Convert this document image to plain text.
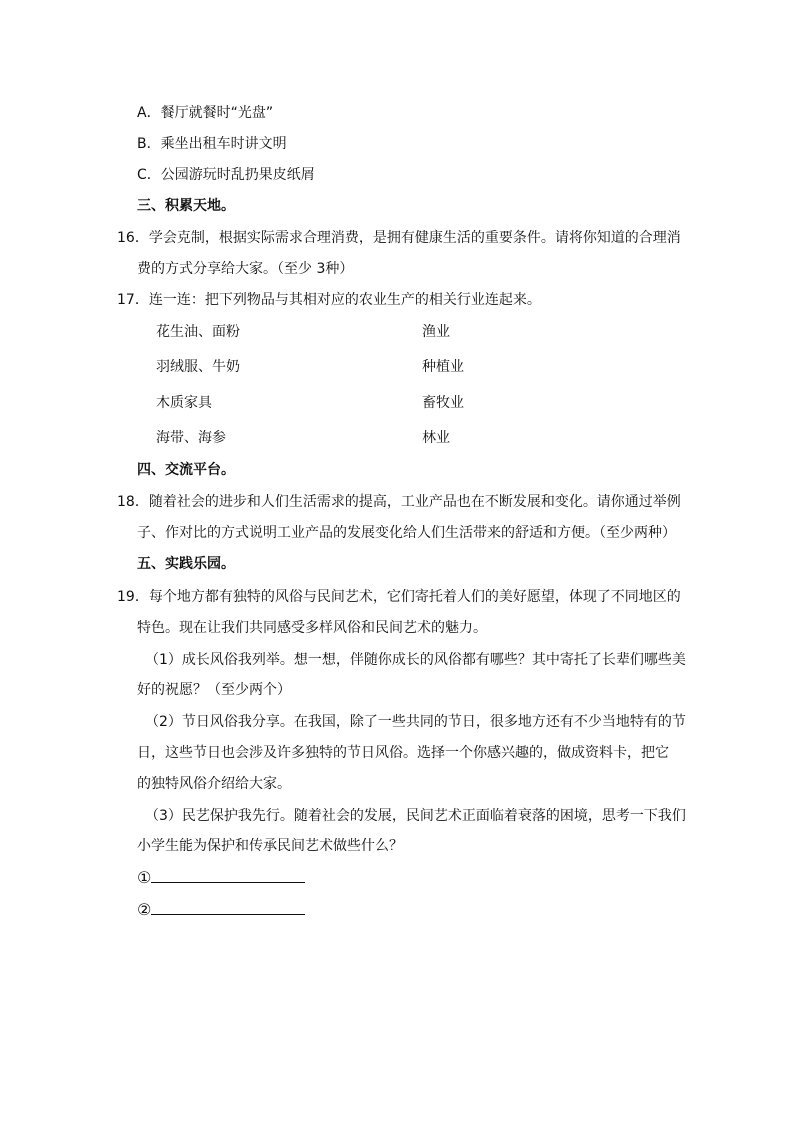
A．餐厅就餐时“光盘”
B．乘坐出租车时讲文明
C．公园游玩时乱扔果皮纸屑
三、积累天地。
16．学会克制，根据实际需求合理消费，是拥有健康生活的重要条件。请将你知道的合理消
费的方式分享给大家。（至少 3种）
17．连一连：把下列物品与其相对应的农业生产的相关行业连起来。
花生油、面粉	渔业
羽绒服、牛奶	种植业
木质家具	畜牧业
海带、海参	林业
四、交流平台。
18．随着社会的进步和人们生活需求的提高，工业产品也在不断发展和变化。请你通过举例
子、作对比的方式说明工业产品的发展变化给人们生活带来的舒适和方便。（至少两种）
五、实践乐园。
19．每个地方都有独特的风俗与民间艺术，它们寄托着人们的美好愿望，体现了不同地区的
特色。现在让我们共同感受多样风俗和民间艺术的魅力。
（1）成长风俗我列举。想一想，伴随你成长的风俗都有哪些？其中寄托了长辈们哪些美
好的祝愿？（至少两个）
（2）节日风俗我分享。在我国，除了一些共同的节日，很多地方还有不少当地特有的节
日，这些节日也会涉及许多独特的节日风俗。选择一个你感兴趣的，做成资料卡，把它
的独特风俗介绍给大家。
（3）民艺保护我先行。随着社会的发展，民间艺术正面临着衰落的困境，思考一下我们
小学生能为保护和传承民间艺术做些什么？
①
②
